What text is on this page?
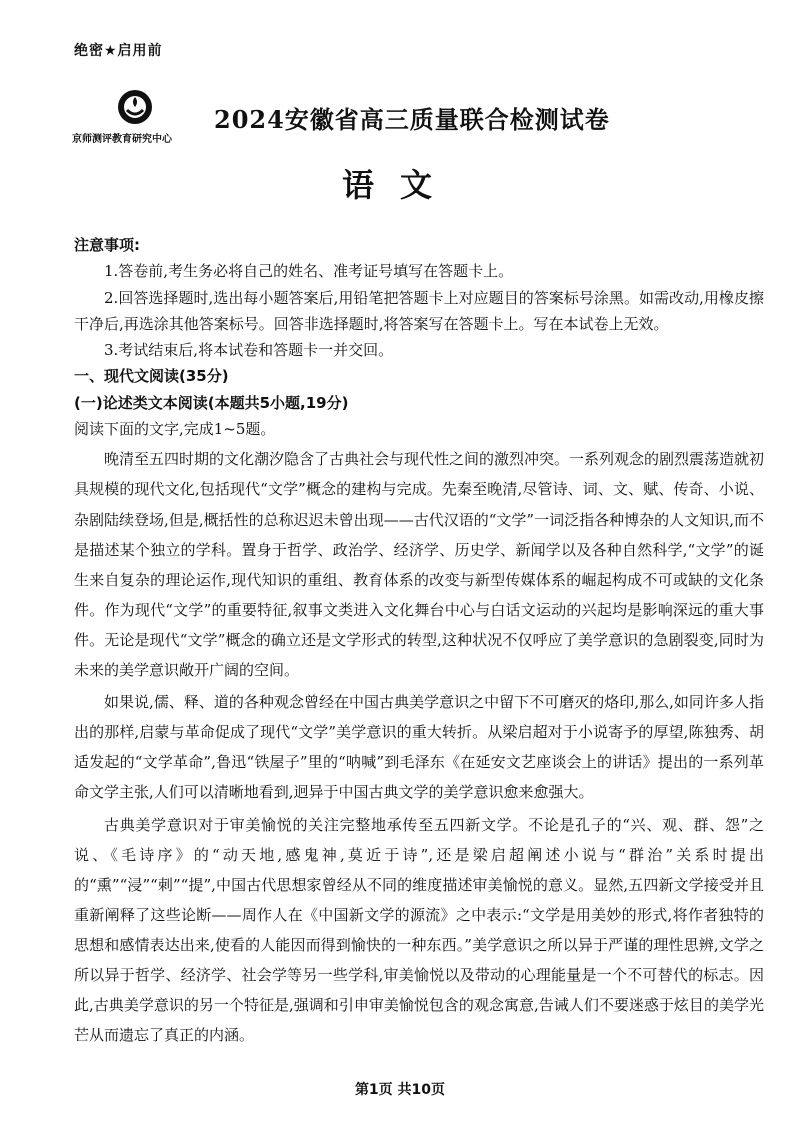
绝密★启用前
京师测评教育研究中心
2024安徽省高三质量联合检测试卷
语文

注意事项:

1.答卷前,考生务必将自己的姓名、准考证号填写在答题卡上。

2.回答选择题时,选出每小题答案后,用铅笔把答题卡上对应题目的答案标号涂黑。如需改动,用橡皮擦干净后,再选涂其他答案标号。回答非选择题时,将答案写在答题卡上。写在本试卷上无效。

3.考试结束后,将本试卷和答题卡一并交回。

一、现代文阅读(35分)

(一)论述类文本阅读(本题共5小题,19分)

阅读下面的文字,完成1~5题。

晚清至五四时期的文化潮汐隐含了古典社会与现代性之间的激烈冲突。一系列观念的剧烈震荡造就初具规模的现代文化,包括现代“文学”概念的建构与完成。先秦至晚清,尽管诗、词、文、赋、传奇、小说、杂剧陆续登场,但是,概括性的总称迟迟未曾出现——古代汉语的“文学”一词泛指各种博杂的人文知识,而不是描述某个独立的学科。置身于哲学、政治学、经济学、历史学、新闻学以及各种自然科学,“文学”的诞生来自复杂的理论运作,现代知识的重组、教育体系的改变与新型传媒体系的崛起构成不可或缺的文化条件。作为现代“文学”的重要特征,叙事文类进入文化舞台中心与白话文运动的兴起均是影响深远的重大事件。无论是现代“文学”概念的确立还是文学形式的转型,这种状况不仅呼应了美学意识的急剧裂变,同时为未来的美学意识敞开广阔的空间。

如果说,儒、释、道的各种观念曾经在中国古典美学意识之中留下不可磨灭的烙印,那么,如同许多人指出的那样,启蒙与革命促成了现代“文学”美学意识的重大转折。从梁启超对于小说寄予的厚望,陈独秀、胡适发起的“文学革命”,鲁迅“铁屋子”里的“呐喊”到毛泽东《在延安文艺座谈会上的讲话》提出的一系列革命文学主张,人们可以清晰地看到,迥异于中国古典文学的美学意识愈来愈强大。

古典美学意识对于审美愉悦的关注完整地承传至五四新文学。不论是孔子的“兴、观、群、怨”之说、《毛诗序》的“动天地,感鬼神,莫近于诗”,还是梁启超阐述小说与“群治”关系时提出的“熏”“浸”“刺”“提”,中国古代思想家曾经从不同的维度描述审美愉悦的意义。显然,五四新文学接受并且重新阐释了这些论断——周作人在《中国新文学的源流》之中表示:“文学是用美妙的形式,将作者独特的思想和感情表达出来,使看的人能因而得到愉快的一种东西。”美学意识之所以异于严谨的理性思辨,文学之所以异于哲学、经济学、社会学等另一些学科,审美愉悦以及带动的心理能量是一个不可替代的标志。因此,古典美学意识的另一个特征是,强调和引申审美愉悦包含的观念寓意,告诫人们不要迷惑于炫目的美学光芒从而遗忘了真正的内涵。

第1页 共10页
